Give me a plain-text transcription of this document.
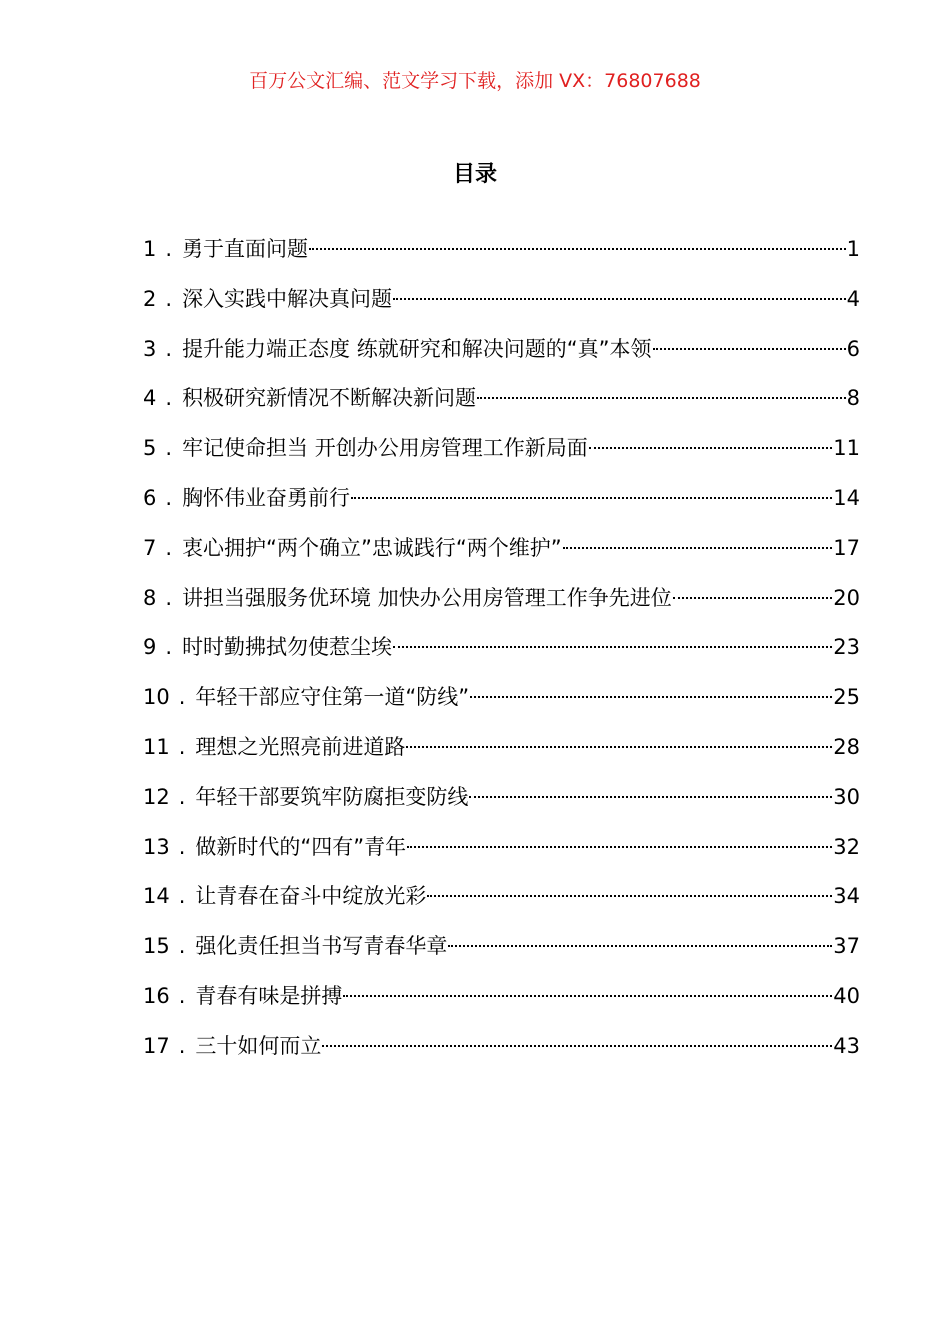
百万公文汇编、范文学习下载，添加 VX：76807688
目录
1 . 勇于直面问题	1
2 . 深入实践中解决真问题	4
3 . 提升能力端正态度 练就研究和解决问题的“真”本领	6
4 . 积极研究新情况不断解决新问题	8
5 . 牢记使命担当 开创办公用房管理工作新局面	11
6 . 胸怀伟业奋勇前行	14
7 . 衷心拥护“两个确立”忠诚践行“两个维护”	17
8 . 讲担当强服务优环境 加快办公用房管理工作争先进位	20
9 . 时时勤拂拭勿使惹尘埃	23
10 . 年轻干部应守住第一道“防线”	25
11 . 理想之光照亮前进道路	28
12 . 年轻干部要筑牢防腐拒变防线	30
13 . 做新时代的“四有”青年	32
14 . 让青春在奋斗中绽放光彩	34
15 . 强化责任担当书写青春华章	37
16 . 青春有味是拼搏	40
17 . 三十如何而立	43
